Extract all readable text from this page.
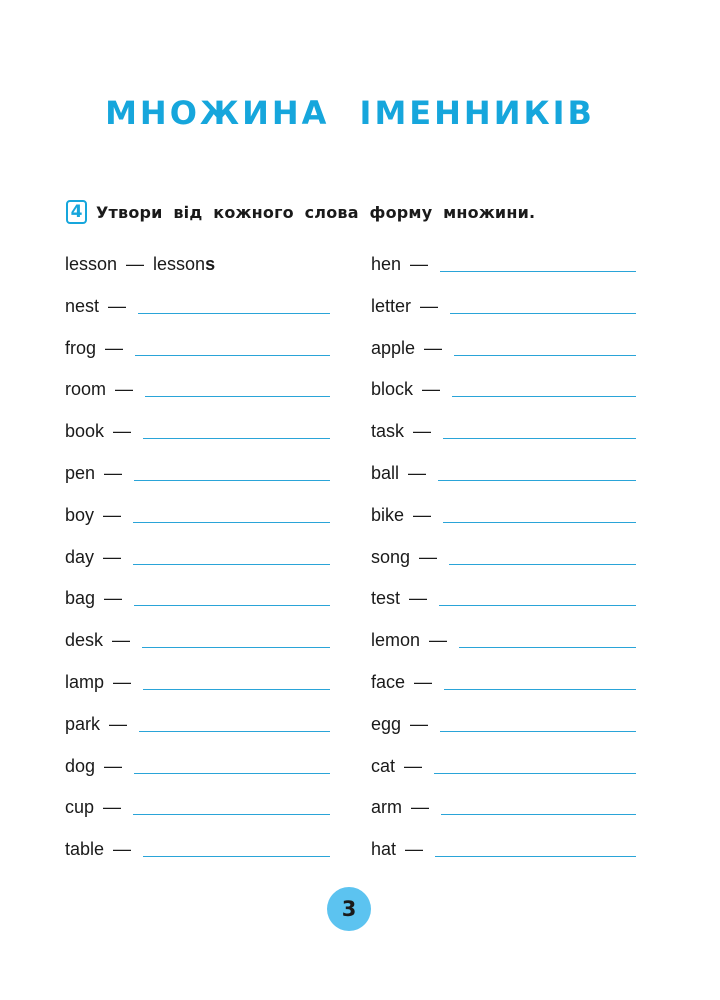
МНОЖИНА ІМЕННИКІВ
4 Утвори від кожного слова форму множини.
lesson — lessons
nest —
frog —
room —
book —
pen —
boy —
day —
bag —
desk —
lamp —
park —
dog —
cup —
table —
hen —
letter —
apple —
block —
task —
ball —
bike —
song —
test —
lemon —
face —
egg —
cat —
arm —
hat —
3
